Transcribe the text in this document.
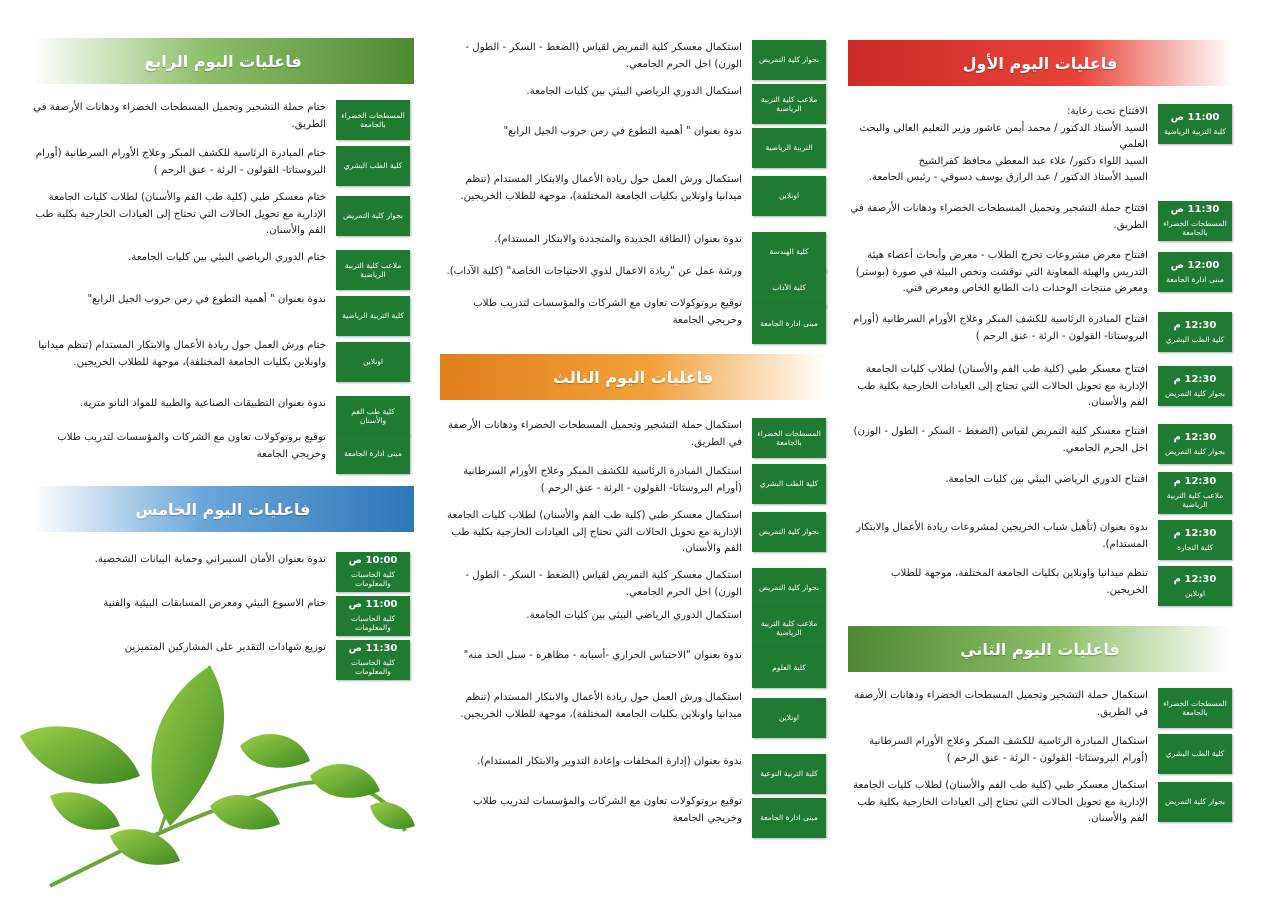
فاعليات اليوم الأول
11:00 ص
كلية التربية الرياضية
الافتتاح تحت رعاية:
السيد الأستاذ الدكتور / محمد أيمن عاشور وزير التعليم العالي والبحث العلمي
السيد اللواء دكتور/ علاء عبد المعطي محافظ كفرالشيخ
السيد الأستاذ الدكتور / عبد الرازق يوسف دسوقي - رئيس الجامعة.
11:30 ص
المسطحات الخضراء بالجامعة
افتتاح حملة التشجير وتجميل المسطحات الخضراء ودهانات الأرصفة في الطريق.
12:00 ص
مبنى ادارة الجامعة
افتتاح معرض مشروعات تخرج الطلاب - معرض وأبحاث أعضاء هيئة التدريس والهيئة المعاونة التي نوقشت وتخص البيئة في صورة (بوستر) ومعرض منتجات الوحدات ذات الطابع الخاص ومعرض فني.
12:30 م
كلية الطب البشري
افتتاح المبادرة الرئاسية للكشف المبكر وعلاج الأورام السرطانية (أورام البروستاتا- القولون - الرئة - عنق الرحم )
12:30 م
بجوار كلية التمريض
افتتاح معسكر طبي (كلية طب الفم والأسنان) لطلاب كليات الجامعة الإدارية مع تحويل الحالات التي تحتاج إلى العيادات الخارجية بكلية طب الفم والأسنان.
12:30 م
بجوار كلية التمريض
افتتاح معسكر كلية التمريض لقياس (الضغط - السكر - الطول - الوزن) اخل الحرم الجامعي.
12:30 م
ملاعب كلية التربية الرياضية
افتتاح الدوري الرياضي البيئي بين كليات الجامعة.
12:30 م
كلية التجارة
ندوة بعنوان (تأهيل شباب الخريجين لمشروعات ريادة الأعمال والابتكار المستدام).
12:30 م
اونلاين
تنظم ميدانيا واونلاين بكليات الجامعة المختلفة، موجهة للطلاب الخريجين.
فاعليات اليوم الثاني
المسطحات الخضراء بالجامعة
استكمال حملة التشجير وتجميل المسطحات الخضراء ودهانات الأرصفة في الطريق.
كلية الطب البشري
استكمال المبادرة الرئاسية للكشف المبكر وعلاج الأورام السرطانية (أورام البروستاتا- القولون - الرئة - عنق الرحم )
بجوار كلية التمريض
استكمال معسكر طبي (كلية طب الفم والأسنان) لطلاب كليات الجامعة الإدارية مع تحويل الحالات التي تحتاج إلى العيادات الخارجية بكلية طب الفم والأسنان.
بجوار كلية التمريض
استكمال معسكر كلية التمريض لقياس (الضغط - السكر - الطول - الوزن) اخل الحرم الجامعي.
ملاعب كلية التربية الرياضية
استكمال الدوري الرياضي البيئي بين كليات الجامعة.
التربية الرياضية
ندوة بعنوان " أهمية التطوع في زمن حروب الجيل الرابع"
اونلاين
استكمال ورش العمل حول ريادة الأعمال والابتكار المستدام (تنظم ميدانيا واونلاين بكليات الجامعة المختلفة)، موجهة للطلاب الخريجين.
كلية الهندسة
ندوة بعنوان (الطاقة الجديدة والمتجددة والابتكار المستدام).
كلية الآداب
ورشة عمل عن "ريادة الاعمال لذوي الاحتياجات الخاصة" (كلية الآداب).
مبنى ادارة الجامعة
توقيع بروتوكولات تعاون مع الشركات والمؤسسات لتدريب طلاب وخريجي الجامعة
فاعليات اليوم الثالث
المسطحات الخضراء بالجامعة
استكمال حملة التشجير وتجميل المسطحات الخضراء ودهانات الأرصفة في الطريق.
كلية الطب البشري
استكمال المبادرة الرئاسية للكشف المبكر وعلاج الأورام السرطانية (أورام البروستاتا- القولون - الرئة - عنق الرحم )
بجوار كلية التمريض
استكمال معسكر طبي (كلية طب الفم والأسنان) لطلاب كليات الجامعة الإدارية مع تحويل الحالات التي تحتاج إلى العيادات الخارجية بكلية طب الفم والأسنان.
بجوار كلية التمريض
استكمال معسكر كلية التمريض لقياس (الضغط - السكر - الطول - الوزن) اخل الحرم الجامعي.
ملاعب كلية التربية الرياضية
استكمال الدوري الرياضي البيئي بين كليات الجامعة.
كلية العلوم
ندوة بعنوان "الاحتباس الحراري -أسبابه - مظاهره - سبل الحد منه"
اونلاين
استكمال ورش العمل حول ريادة الأعمال والابتكار المستدام (تنظم ميدانيا واونلاين بكليات الجامعة المختلفة)، موجهة للطلاب الخريجين.
كلية التربية النوعية
ندوة بعنوان (إدارة المخلفات وإعادة التدوير والابتكار المستدام).
مبنى ادارة الجامعة
توقيع بروتوكولات تعاون مع الشركات والمؤسسات لتدريب طلاب وخريجي الجامعة
فاعليات اليوم الرابع
المسطحات الخضراء بالجامعة
ختام حملة التشجير وتجميل المسطحات الخضراء ودهانات الأرصفة في الطريق.
كلية الطب البشري
ختام المبادرة الرئاسية للكشف المبكر وعلاج الأورام السرطانية (أورام البروستاتا- القولون - الرئة - عنق الرحم )
بجوار كلية التمريض
ختام معسكر طبي (كلية طب الفم والأسنان) لطلاب كليات الجامعة الإدارية مع تحويل الحالات التي تحتاج إلى العيادات الخارجية بكلية طب الفم والأسنان.
ملاعب كلية التربية الرياضية
ختام الدوري الرياضي البيئي بين كليات الجامعة.
كلية التربية الرياضية
ندوة بعنوان " أهمية التطوع في زمن حروب الجيل الرابع"
اونلاين
ختام ورش العمل حول ريادة الأعمال والابتكار المستدام (تنظم ميدانيا واونلاين بكليات الجامعة المختلفة)، موجهة للطلاب الخريجين.
كلية طب الفم والأسنان
ندوة بعنوان التطبيقات الصناعية والطبية للمواد النانو مترية.
مبنى ادارة الجامعة
توقيع بروتوكولات تعاون مع الشركات والمؤسسات لتدريب طلاب وخريجي الجامعة
فاعليات اليوم الخامس
10:00 ص
كلية الحاسبات والمعلومات
ندوة بعنوان الأمان السيبراني وحماية البيانات الشخصية.
11:00 ص
كلية الحاسبات والمعلومات
ختام الاسبوع البيئي ومعرض المسابقات البيئية والفنية
11:30 ص
كلية الحاسبات والمعلومات
توزيع شهادات التقدير على المشاركين المتميزين
